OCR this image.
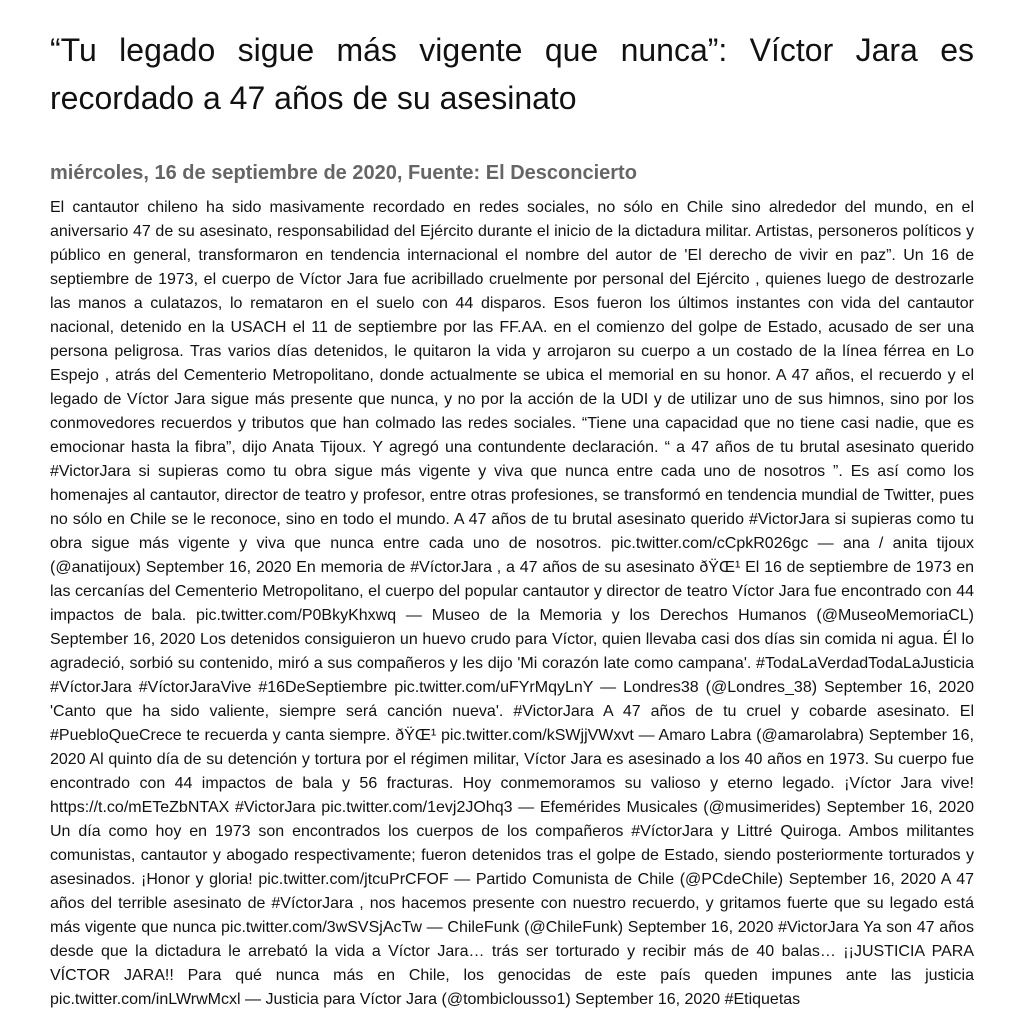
“Tu legado sigue más vigente que nunca”: Víctor Jara es recordado a 47 años de su asesinato
miércoles, 16 de septiembre de 2020, Fuente: El Desconcierto

El cantautor chileno ha sido masivamente recordado en redes sociales, no sólo en Chile sino alrededor del mundo, en el aniversario 47 de su asesinato, responsabilidad del Ejército durante el inicio de la dictadura militar. Artistas, personeros políticos y público en general, transformaron en tendencia internacional el nombre del autor de 'El derecho de vivir en paz”. Un 16 de septiembre de 1973, el cuerpo de Víctor Jara fue acribillado cruelmente por personal del Ejército , quienes luego de destrozarle las manos a culatazos, lo remataron en el suelo con 44 disparos. Esos fueron los últimos instantes con vida del cantautor nacional, detenido en la USACH el 11 de septiembre por las FF.AA. en el comienzo del golpe de Estado, acusado de ser una persona peligrosa. Tras varios días detenidos, le quitaron la vida y arrojaron su cuerpo a un costado de la línea férrea en Lo Espejo , atrás del Cementerio Metropolitano, donde actualmente se ubica el memorial en su honor. A 47 años, el recuerdo y el legado de Víctor Jara sigue más presente que nunca, y no por la acción de la UDI y de utilizar uno de sus himnos, sino por los conmovedores recuerdos y tributos que han colmado las redes sociales. “Tiene una capacidad que no tiene casi nadie, que es emocionar hasta la fibra”, dijo Anata Tijoux. Y agregó una contundente declaración. “ a 47 años de tu brutal asesinato querido #VictorJara si supieras como tu obra sigue más vigente y viva que nunca entre cada uno de nosotros ”. Es así como los homenajes al cantautor, director de teatro y profesor, entre otras profesiones, se transformó en tendencia mundial de Twitter, pues no sólo en Chile se le reconoce, sino en todo el mundo. A 47 años de tu brutal asesinato querido #VictorJara si supieras como tu obra sigue más vigente y viva que nunca entre cada uno de nosotros. pic.twitter.com/cCpkR026gc — ana / anita tijoux (@anatijoux) September 16, 2020 En memoria de #VíctorJara , a 47 años de su asesinato ðŸŒ¹ El 16 de septiembre de 1973 en las cercanías del Cementerio Metropolitano, el cuerpo del popular cantautor y director de teatro Víctor Jara fue encontrado con 44 impactos de bala. pic.twitter.com/P0BkyKhxwq — Museo de la Memoria y los Derechos Humanos (@MuseoMemoriaCL) September 16, 2020 Los detenidos consiguieron un huevo crudo para Víctor, quien llevaba casi dos días sin comida ni agua. Él lo agradeció, sorbió su contenido, miró a sus compañeros y les dijo 'Mi corazón late como campana'. #TodaLaVerdadTodaLaJusticia #VíctorJara #VíctorJaraVive #16DeSeptiembre pic.twitter.com/uFYrMqyLnY — Londres38 (@Londres_38) September 16, 2020 'Canto que ha sido valiente, siempre será canción nueva'. #VictorJara A 47 años de tu cruel y cobarde asesinato. El #PuebloQueCrece te recuerda y canta siempre. ðŸŒ¹ pic.twitter.com/kSWjjVWxvt — Amaro Labra (@amarolabra) September 16, 2020 Al quinto día de su detención y tortura por el régimen militar, Víctor Jara es asesinado a los 40 años en 1973. Su cuerpo fue encontrado con 44 impactos de bala y 56 fracturas. Hoy conmemoramos su valioso y eterno legado. ¡Víctor Jara vive! https://t.co/mETeZbNTAX #VictorJara pic.twitter.com/1evj2JOhq3 — Efemérides Musicales (@musimerides) September 16, 2020 Un día como hoy en 1973 son encontrados los cuerpos de los compañeros #VíctorJara y Littré Quiroga. Ambos militantes comunistas, cantautor y abogado respectivamente; fueron detenidos tras el golpe de Estado, siendo posteriormente torturados y asesinados. ¡Honor y gloria! pic.twitter.com/jtcuPrCFOF — Partido Comunista de Chile (@PCdeChile) September 16, 2020 A 47 años del terrible asesinato de #VíctorJara , nos hacemos presente con nuestro recuerdo, y gritamos fuerte que su legado está más vigente que nunca pic.twitter.com/3wSVSjAcTw — ChileFunk (@ChileFunk) September 16, 2020 #VictorJara Ya son 47 años desde que la dictadura le arrebató la vida a Víctor Jara… trás ser torturado y recibir más de 40 balas… ¡¡JUSTICIA PARA VÍCTOR JARA!! Para qué nunca más en Chile, los genocidas de este país queden impunes ante las justicia pic.twitter.com/inLWrwMcxl — Justicia para Víctor Jara (@tombiclousso1) September 16, 2020 #Etiquetas
